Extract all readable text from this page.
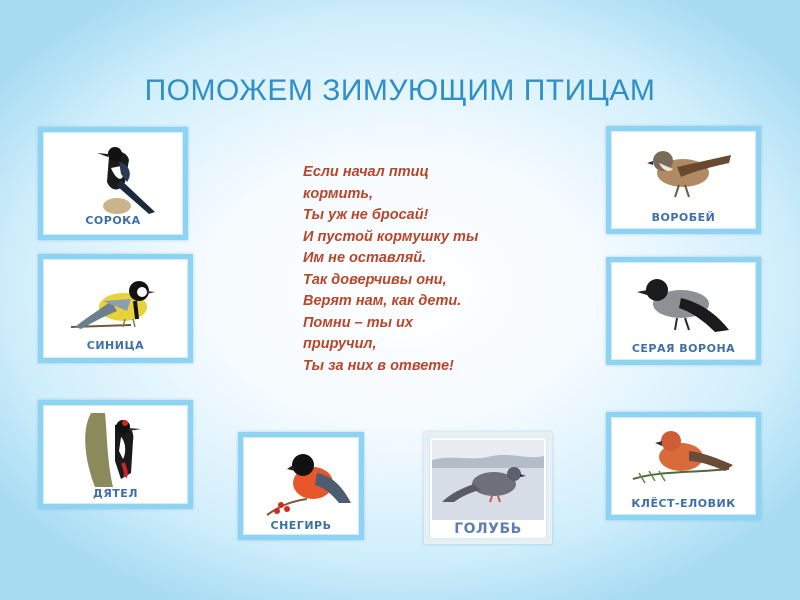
ПОМОЖЕМ ЗИМУЮЩИМ ПТИЦАМ
Если начал птиц
кормить,
Ты уж не бросай!
И пустой кормушку ты
Им не оставляй.
Так доверчивы они,
Верят нам, как дети.
Помни – ты их
приручил,
Ты за них в ответе!
СОРОКА
СИНИЦА
ДЯТЕЛ
СНЕГИРЬ	ГОЛУБЬ
ВОРОБЕЙ
СЕРАЯ ВОРОНА
КЛЁСТ-ЕЛОВИК
